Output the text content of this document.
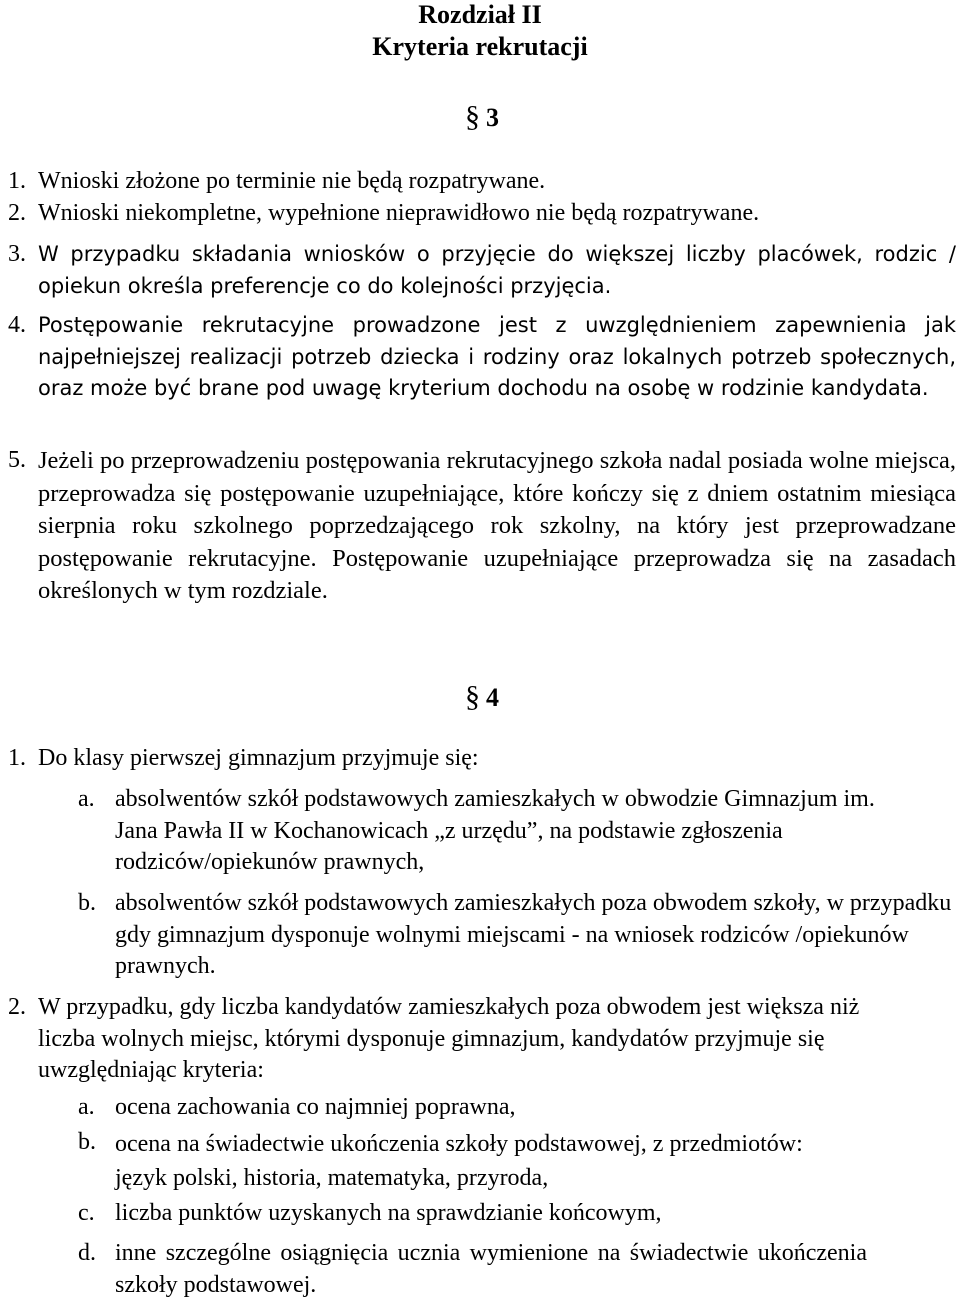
Rozdział II
Kryteria rekrutacji
§ 3
1. Wnioski złożone po terminie nie będą rozpatrywane.
2. Wnioski niekompletne, wypełnione nieprawidłowo nie będą rozpatrywane.
3. W przypadku składania wniosków o przyjęcie do większej liczby placówek, rodzic / opiekun określa preferencje co do kolejności przyjęcia.
4. Postępowanie rekrutacyjne prowadzone jest z uwzględnieniem zapewnienia jak najpełniejszej realizacji potrzeb dziecka i rodziny oraz lokalnych potrzeb społecznych, oraz może być brane pod uwagę kryterium dochodu na osobę w rodzinie kandydata.
5. Jeżeli po przeprowadzeniu postępowania rekrutacyjnego szkoła nadal posiada wolne miejsca, przeprowadza się postępowanie uzupełniające, które kończy się z dniem ostatnim miesiąca sierpnia roku szkolnego poprzedzającego rok szkolny, na który jest przeprowadzane postępowanie rekrutacyjne. Postępowanie uzupełniające przeprowadza się na zasadach określonych w tym rozdziale.
§ 4
1. Do klasy pierwszej gimnazjum przyjmuje się:
a. absolwentów szkół podstawowych zamieszkałych w obwodzie Gimnazjum im. Jana Pawła II w Kochanowicach „z urzędu”, na podstawie zgłoszenia rodziców/opiekunów prawnych,
b. absolwentów szkół podstawowych zamieszkałych poza obwodem szkoły, w przypadku gdy gimnazjum dysponuje wolnymi miejscami - na wniosek rodziców /opiekunów prawnych.
2. W przypadku, gdy liczba kandydatów zamieszkałych poza obwodem jest większa niż liczba wolnych miejsc, którymi dysponuje gimnazjum, kandydatów przyjmuje się uwzględniając kryteria:
a. ocena zachowania co najmniej poprawna,
b. ocena na świadectwie ukończenia szkoły podstawowej, z przedmiotów: język polski, historia, matematyka, przyroda,
c. liczba punktów uzyskanych na sprawdzianie końcowym,
d. inne szczególne osiągnięcia ucznia wymienione na świadectwie ukończenia szkoły podstawowej.
